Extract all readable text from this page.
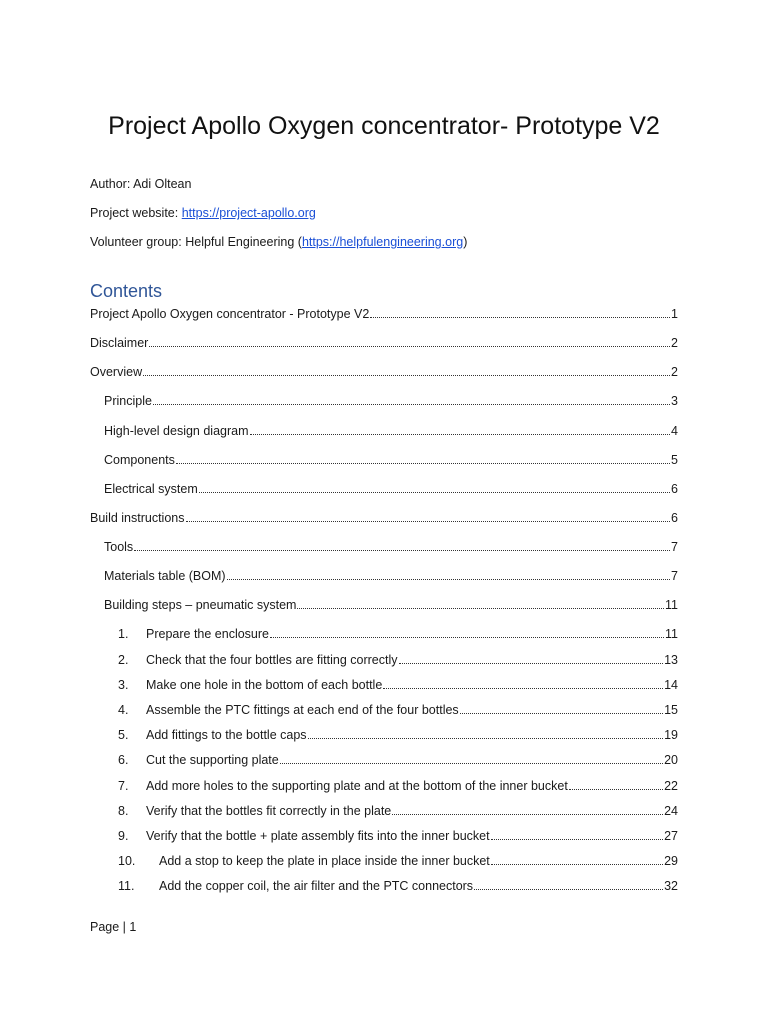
Project Apollo Oxygen concentrator- Prototype V2
Author: Adi Oltean
Project website: https://project-apollo.org
Volunteer group: Helpful Engineering (https://helpfulengineering.org)
Contents
Project Apollo Oxygen concentrator - Prototype V2	1
Disclaimer	2
Overview	2
Principle	3
High-level design diagram	4
Components	5
Electrical system	6
Build instructions	6
Tools	7
Materials table (BOM)	7
Building steps – pneumatic system	11
1.	Prepare the enclosure	11
2.	Check that the four bottles are fitting correctly	13
3.	Make one hole in the bottom of each bottle	14
4.	Assemble the PTC fittings at each end of the four bottles	15
5.	Add fittings to the bottle caps	19
6.	Cut the supporting plate	20
7.	Add more holes to the supporting plate and at the bottom of the inner bucket	22
8.	Verify that the bottles fit correctly in the plate	24
9.	Verify that the bottle + plate assembly fits into the inner bucket	27
10.	Add a stop to keep the plate in place inside the inner bucket	29
11.	Add the copper coil, the air filter and the PTC connectors	32
Page | 1
